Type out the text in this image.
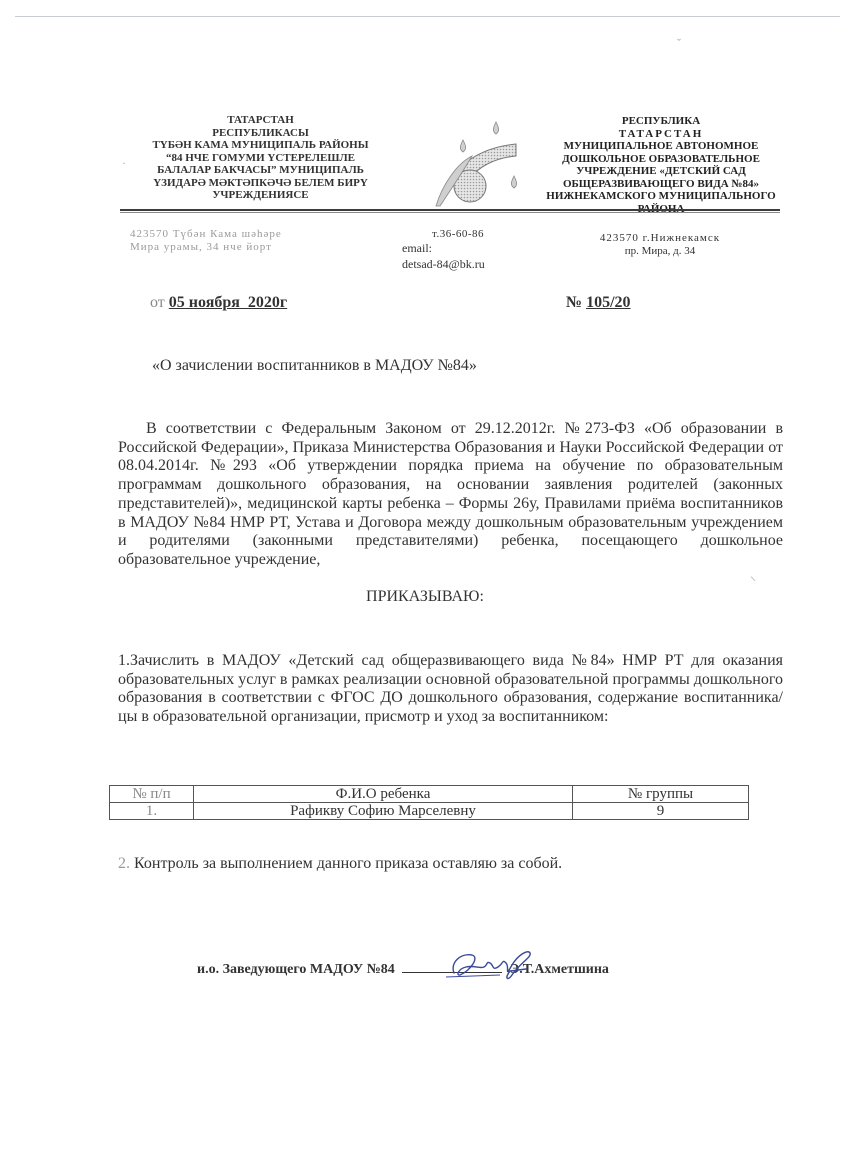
ТАТАРСТАН
РЕСПУБЛИКАСЫ
ТҮБӘН КАМА МУНИЦИПАЛЬ РАЙОНЫ
“84 НЧЕ ГОМУМИ ҮСТЕРЕЛЕШЛЕ
БАЛАЛАР БАКЧАСЫ” МУНИЦИПАЛЬ
ҮЗИДАРӘ МӘКТӘПКӘЧӘ БЕЛЕМ БИРҮ
УЧРЕЖДЕНИЯСЕ
РЕСПУБЛИКА
ТАТАРСТАН
МУНИЦИПАЛЬНОЕ АВТОНОМНОЕ
ДОШКОЛЬНОЕ ОБРАЗОВАТЕЛЬНОЕ
УЧРЕЖДЕНИЕ «ДЕТСКИЙ САД
ОБЩЕРАЗВИВАЮЩЕГО ВИДА №84»
НИЖНЕКАМСКОГО МУНИЦИПАЛЬНОГО
423570 Түбән Кама шәһәре
Мира урамы, 34 нче йорт
т.36-60-86
email:
detsad-84@bk.ru
423570 г.Нижнекамск
пр. Мира, д. 34
от 05 ноября  2020г	№ 105/20
«О зачислении воспитанников в МАДОУ №84»
В соответствии с Федеральным Законом от 29.12.2012г. №273-ФЗ «Об образовании в Российской Федерации», Приказа Министерства Образования и Науки Российской Федерации от 08.04.2014г. №293 «Об утверждении порядка приема на обучение по образовательным программам дошкольного образования, на основании заявления родителей (законных представителей)», медицинской карты ребенка – Формы 26у, Правилами приёма воспитанников в МАДОУ №84 НМР РТ, Устава и Договора между дошкольным образовательным учреждением и родителями (законными представителями) ребенка, посещающего дошкольное образовательное учреждение,
ПРИКАЗЫВАЮ:
1.Зачислить в МАДОУ «Детский сад общеразвивающего вида №84» НМР РТ для оказания образовательных услуг в рамках реализации основной образовательной программы дошкольного образования в соответствии с ФГОС ДО дошкольного образования, содержание воспитанника/цы в образовательной организации, присмотр и уход за воспитанником:
№ п/п	Ф.И.О ребенка	№ группы
1.	Рафикву Софию Марселевну	9
2. Контроль за выполнением данного приказа оставляю за собой.
и.о. Заведующего МАДОУ №84	Э.Т.Ахметшина
ˇ
·
⸌
